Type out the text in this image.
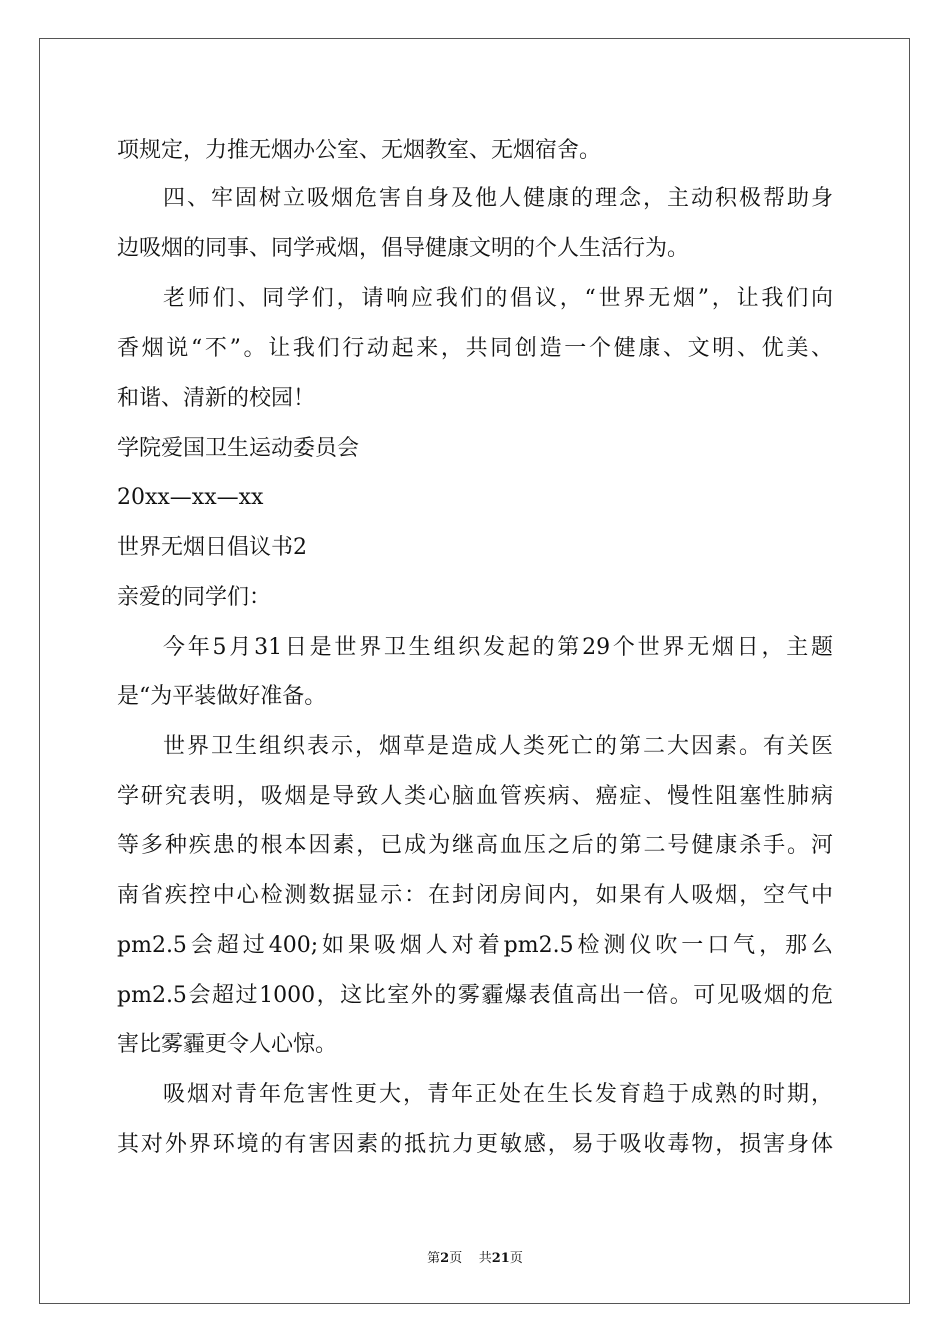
项规定，力推无烟办公室、无烟教室、无烟宿舍。

四、牢固树立吸烟危害自身及他人健康的理念，主动积极帮助身

边吸烟的同事、同学戒烟，倡导健康文明的个人生活行为。

老师们、同学们，请响应我们的倡议，“世界无烟”，让我们向

香烟说“不”。让我们行动起来，共同创造一个健康、文明、优美、

和谐、清新的校园！

学院爱国卫生运动委员会

20xx—xx—xx

世界无烟日倡议书2

亲爱的同学们：

今年5月31日是世界卫生组织发起的第29个世界无烟日，主题

是“为平装做好准备。

世界卫生组织表示，烟草是造成人类死亡的第二大因素。有关医

学研究表明，吸烟是导致人类心脑血管疾病、癌症、慢性阻塞性肺病

等多种疾患的根本因素，已成为继高血压之后的第二号健康杀手。河

南省疾控中心检测数据显示：在封闭房间内，如果有人吸烟，空气中

pm2.5会超过400;如果吸烟人对着pm2.5检测仪吹一口气，那么

pm2.5会超过1000，这比室外的雾霾爆表值高出一倍。可见吸烟的危

害比雾霾更令人心惊。

吸烟对青年危害性更大，青年正处在生长发育趋于成熟的时期，

其对外界环境的有害因素的抵抗力更敏感，易于吸收毒物，损害身体

第2页 共21页
